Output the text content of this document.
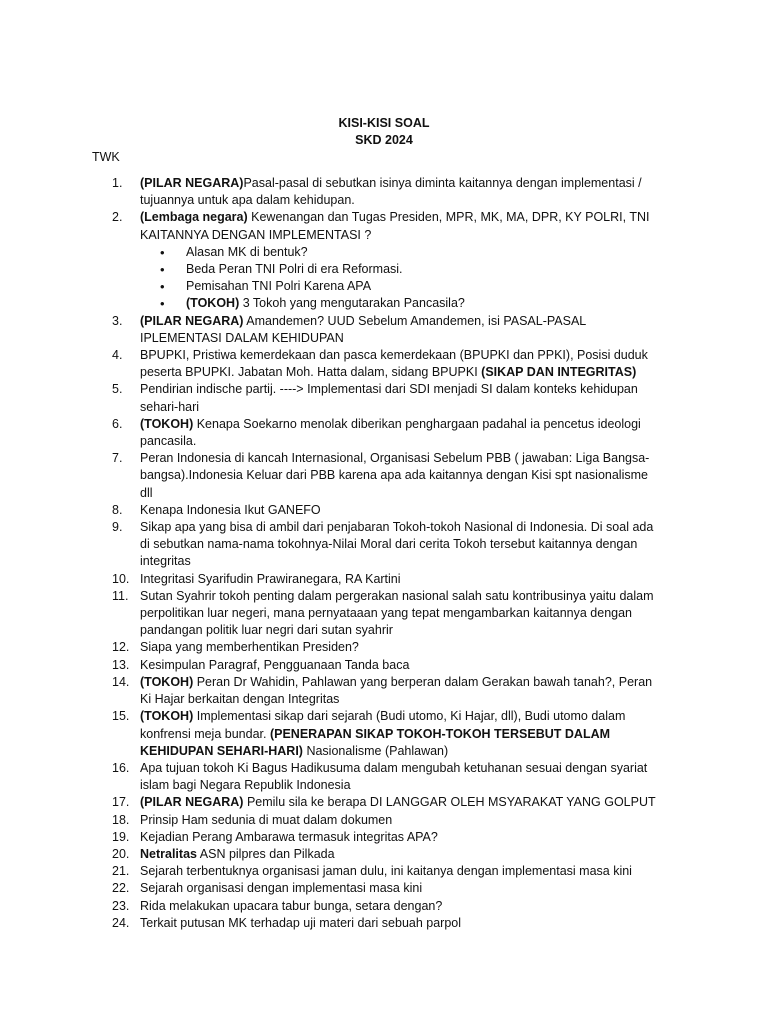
KISI-KISI SOAL
SKD 2024
TWK
1.	(PILAR NEGARA)Pasal-pasal di sebutkan isinya diminta kaitannya dengan implementasi / tujuannya untuk apa dalam kehidupan.
2.	(Lembaga negara) Kewenangan dan Tugas Presiden, MPR, MK, MA, DPR, KY POLRI, TNI KAITANNYA DENGAN IMPLEMENTASI ?
• Alasan MK di bentuk?
• Beda Peran TNI Polri di era Reformasi.
• Pemisahan TNI Polri Karena APA
• (TOKOH) 3 Tokoh yang mengutarakan Pancasila?
3.	(PILAR NEGARA) Amandemen? UUD Sebelum Amandemen, isi PASAL-PASAL IPLEMENTASI DALAM KEHIDUPAN
4.	BPUPKI, Pristiwa kemerdekaan dan pasca kemerdekaan (BPUPKI dan PPKI), Posisi duduk peserta BPUPKI. Jabatan Moh. Hatta dalam, sidang BPUPKI (SIKAP DAN INTEGRITAS)
5.	Pendirian indische partij. ----> Implementasi dari SDI menjadi SI dalam konteks kehidupan sehari-hari
6.	(TOKOH) Kenapa Soekarno menolak diberikan penghargaan padahal ia pencetus ideologi pancasila.
7.	Peran Indonesia di kancah Internasional, Organisasi Sebelum PBB ( jawaban: Liga Bangsa-bangsa).Indonesia Keluar dari PBB karena apa ada kaitannya dengan Kisi spt nasionalisme dll
8.	Kenapa Indonesia Ikut GANEFO
9.	Sikap apa yang bisa di ambil dari penjabaran Tokoh-tokoh Nasional di Indonesia. Di soal ada di sebutkan nama-nama tokohnya-Nilai Moral dari cerita Tokoh tersebut kaitannya dengan integritas
10. Integritasi Syarifudin Prawiranegara, RA Kartini
11. Sutan Syahrir tokoh penting dalam pergerakan nasional salah satu kontribusinya yaitu dalam perpolitikan luar negeri, mana pernyataaan yang tepat mengambarkan kaitannya dengan pandangan politik luar negri dari sutan syahrir
12. Siapa yang memberhentikan Presiden?
13. Kesimpulan Paragraf, Pengguanaan Tanda baca
14. (TOKOH) Peran Dr Wahidin, Pahlawan yang berperan dalam Gerakan bawah tanah?, Peran Ki Hajar berkaitan dengan Integritas
15. (TOKOH) Implementasi sikap dari sejarah (Budi utomo, Ki Hajar, dll), Budi utomo dalam konfrensi meja bundar. (PENERAPAN SIKAP TOKOH-TOKOH TERSEBUT DALAM KEHIDUPAN SEHARI-HARI) Nasionalisme (Pahlawan)
16. Apa tujuan tokoh Ki Bagus Hadikusuma dalam mengubah ketuhanan sesuai dengan syariat islam bagi Negara Republik Indonesia
17. (PILAR NEGARA) Pemilu sila ke berapa DI LANGGAR OLEH MSYARAKAT YANG GOLPUT
18. Prinsip Ham sedunia di muat dalam dokumen
19. Kejadian Perang Ambarawa termasuk integritas APA?
20. Netralitas ASN pilpres dan Pilkada
21. Sejarah terbentuknya organisasi jaman dulu, ini kaitanya dengan implementasi masa kini
22. Sejarah organisasi dengan implementasi masa kini
23. Rida melakukan upacara tabur bunga, setara dengan?
24. Terkait putusan MK terhadap uji materi dari sebuah parpol
